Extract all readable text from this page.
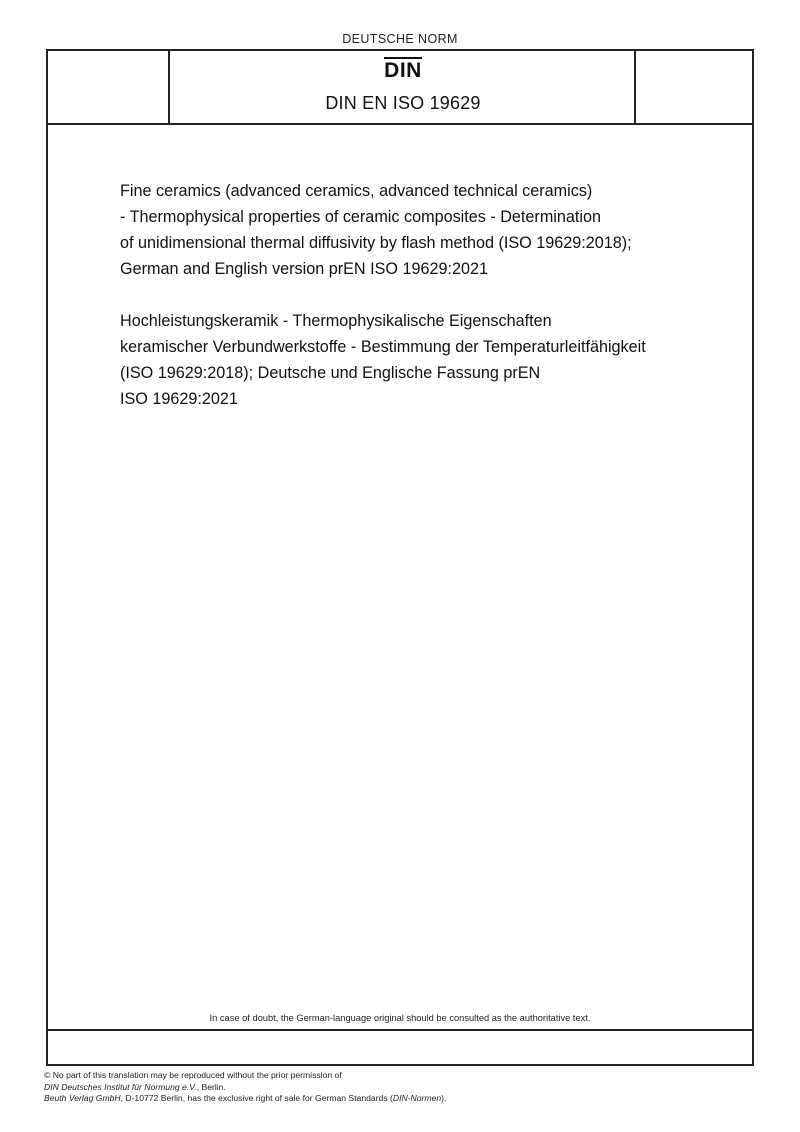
DEUTSCHE NORM
DIN
DIN EN ISO 19629
Fine ceramics (advanced ceramics, advanced technical ceramics)
- Thermophysical properties of ceramic composites - Determination
of unidimensional thermal diffusivity by flash method (ISO 19629:2018);
German and English version prEN ISO 19629:2021
Hochleistungskeramik - Thermophysikalische Eigenschaften
keramischer Verbundwerkstoffe - Bestimmung der Temperaturleitfähigkeit
(ISO 19629:2018); Deutsche und Englische Fassung prEN
ISO 19629:2021
In case of doubt, the German-language original should be consulted as the authoritative text.
© No part of this translation may be reproduced without the prior permission of
DIN Deutsches Institut für Normung e.V., Berlin.
Beuth Verlag GmbH, D-10772 Berlin, has the exclusive right of sale for German Standards (DIN-Normen).
